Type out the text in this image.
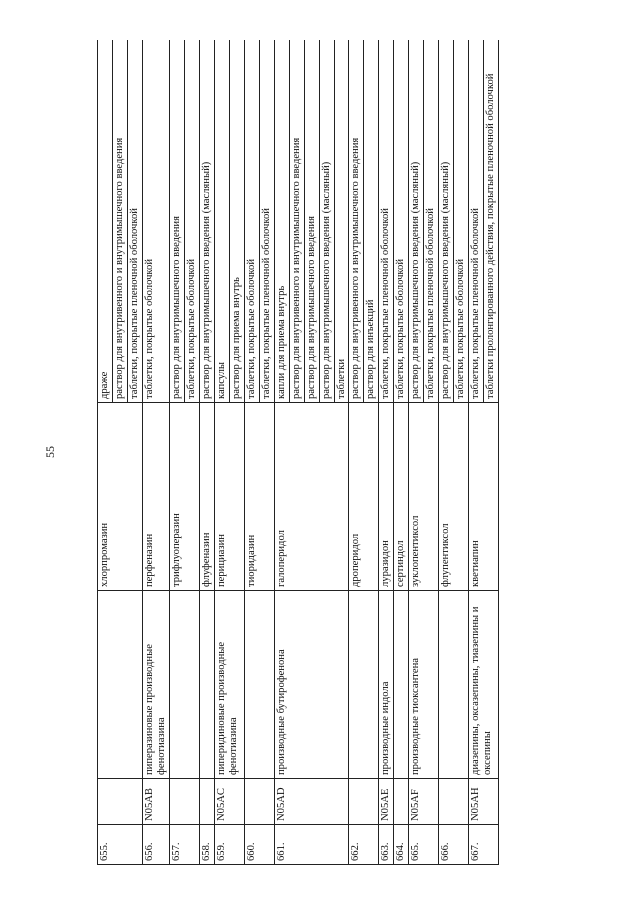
55
655.			хлорпромазин	драже
				раствор для внутривенного и внутримышечного введения
				таблетки, покрытые пленочной оболочкой
656.	N05AB	пиперазиновые производные фенотиазина	перфеназин	таблетки, покрытые оболочкой
657.			трифлуоперазин	раствор для внутримышечного введения
				таблетки, покрытые оболочкой
658.			флуфеназин	раствор для внутримышечного введения (масляный)
659.	N05AC	пиперидиновые производные фенотиазина	перициазин	капсулы
				раствор для приема внутрь
660.			тиоридазин	таблетки, покрытые оболочкой
				таблетки, покрытые пленочной оболочкой
661.	N05AD	производные бутирофенона	галоперидол	капли для приема внутрь
				раствор для внутривенного и внутримышечного введения
				раствор для внутримышечного введения
				раствор для внутримышечного введения (масляный)
				таблетки
662.			дроперидол	раствор для внутривенного и внутримышечного введения
				раствор для инъекций
663.	N05AE	производные индола	луразидон	таблетки, покрытые пленочной оболочкой
664.			сертиндол	таблетки, покрытые оболочкой
665.	N05AF	производные тиоксантена	зуклопентиксол	раствор для внутримышечного введения (масляный)
				таблетки, покрытые пленочной оболочкой
666.			флупентиксол	раствор для внутримышечного введения (масляный)
				таблетки, покрытые оболочкой
667.	N05AH	диазепины, оксазепины, тиазепины и оксепины	кветиапин	таблетки, покрытые пленочной оболочкой
				таблетки пролонгированного действия, покрытые пленочной оболочкой
